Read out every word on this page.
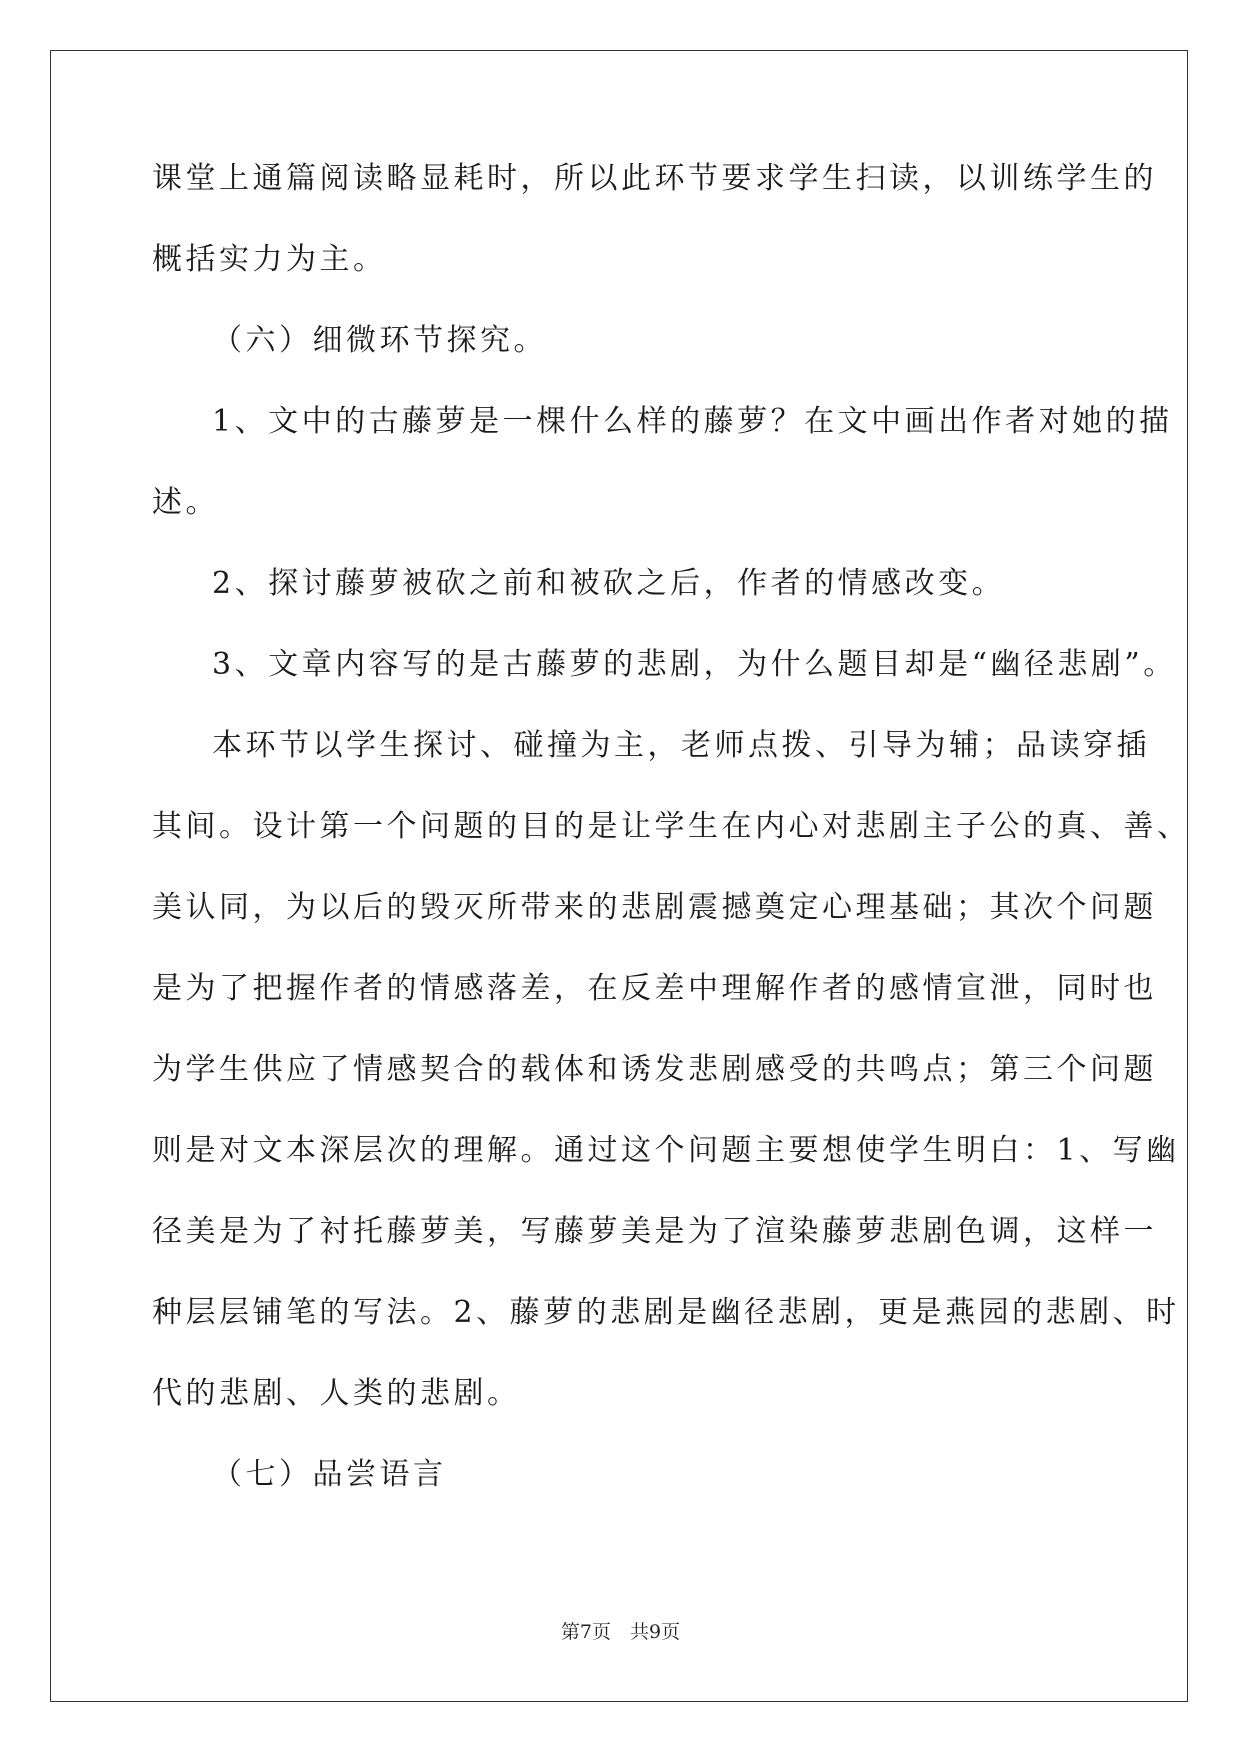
课堂上通篇阅读略显耗时，所以此环节要求学生扫读，以训练学生的
概括实力为主。
（六）细微环节探究。
1、文中的古藤萝是一棵什么样的藤萝？在文中画出作者对她的描
述。
2、探讨藤萝被砍之前和被砍之后，作者的情感改变。
3、文章内容写的是古藤萝的悲剧，为什么题目却是“幽径悲剧”。
本环节以学生探讨、碰撞为主，老师点拨、引导为辅；品读穿插
其间。设计第一个问题的目的是让学生在内心对悲剧主子公的真、善、
美认同，为以后的毁灭所带来的悲剧震撼奠定心理基础；其次个问题
是为了把握作者的情感落差，在反差中理解作者的感情宣泄，同时也
为学生供应了情感契合的载体和诱发悲剧感受的共鸣点；第三个问题
则是对文本深层次的理解。通过这个问题主要想使学生明白：1、写幽
径美是为了衬托藤萝美，写藤萝美是为了渲染藤萝悲剧色调，这样一
种层层铺笔的写法。2、藤萝的悲剧是幽径悲剧，更是燕园的悲剧、时
代的悲剧、人类的悲剧。
（七）品尝语言
第7页　共9页
